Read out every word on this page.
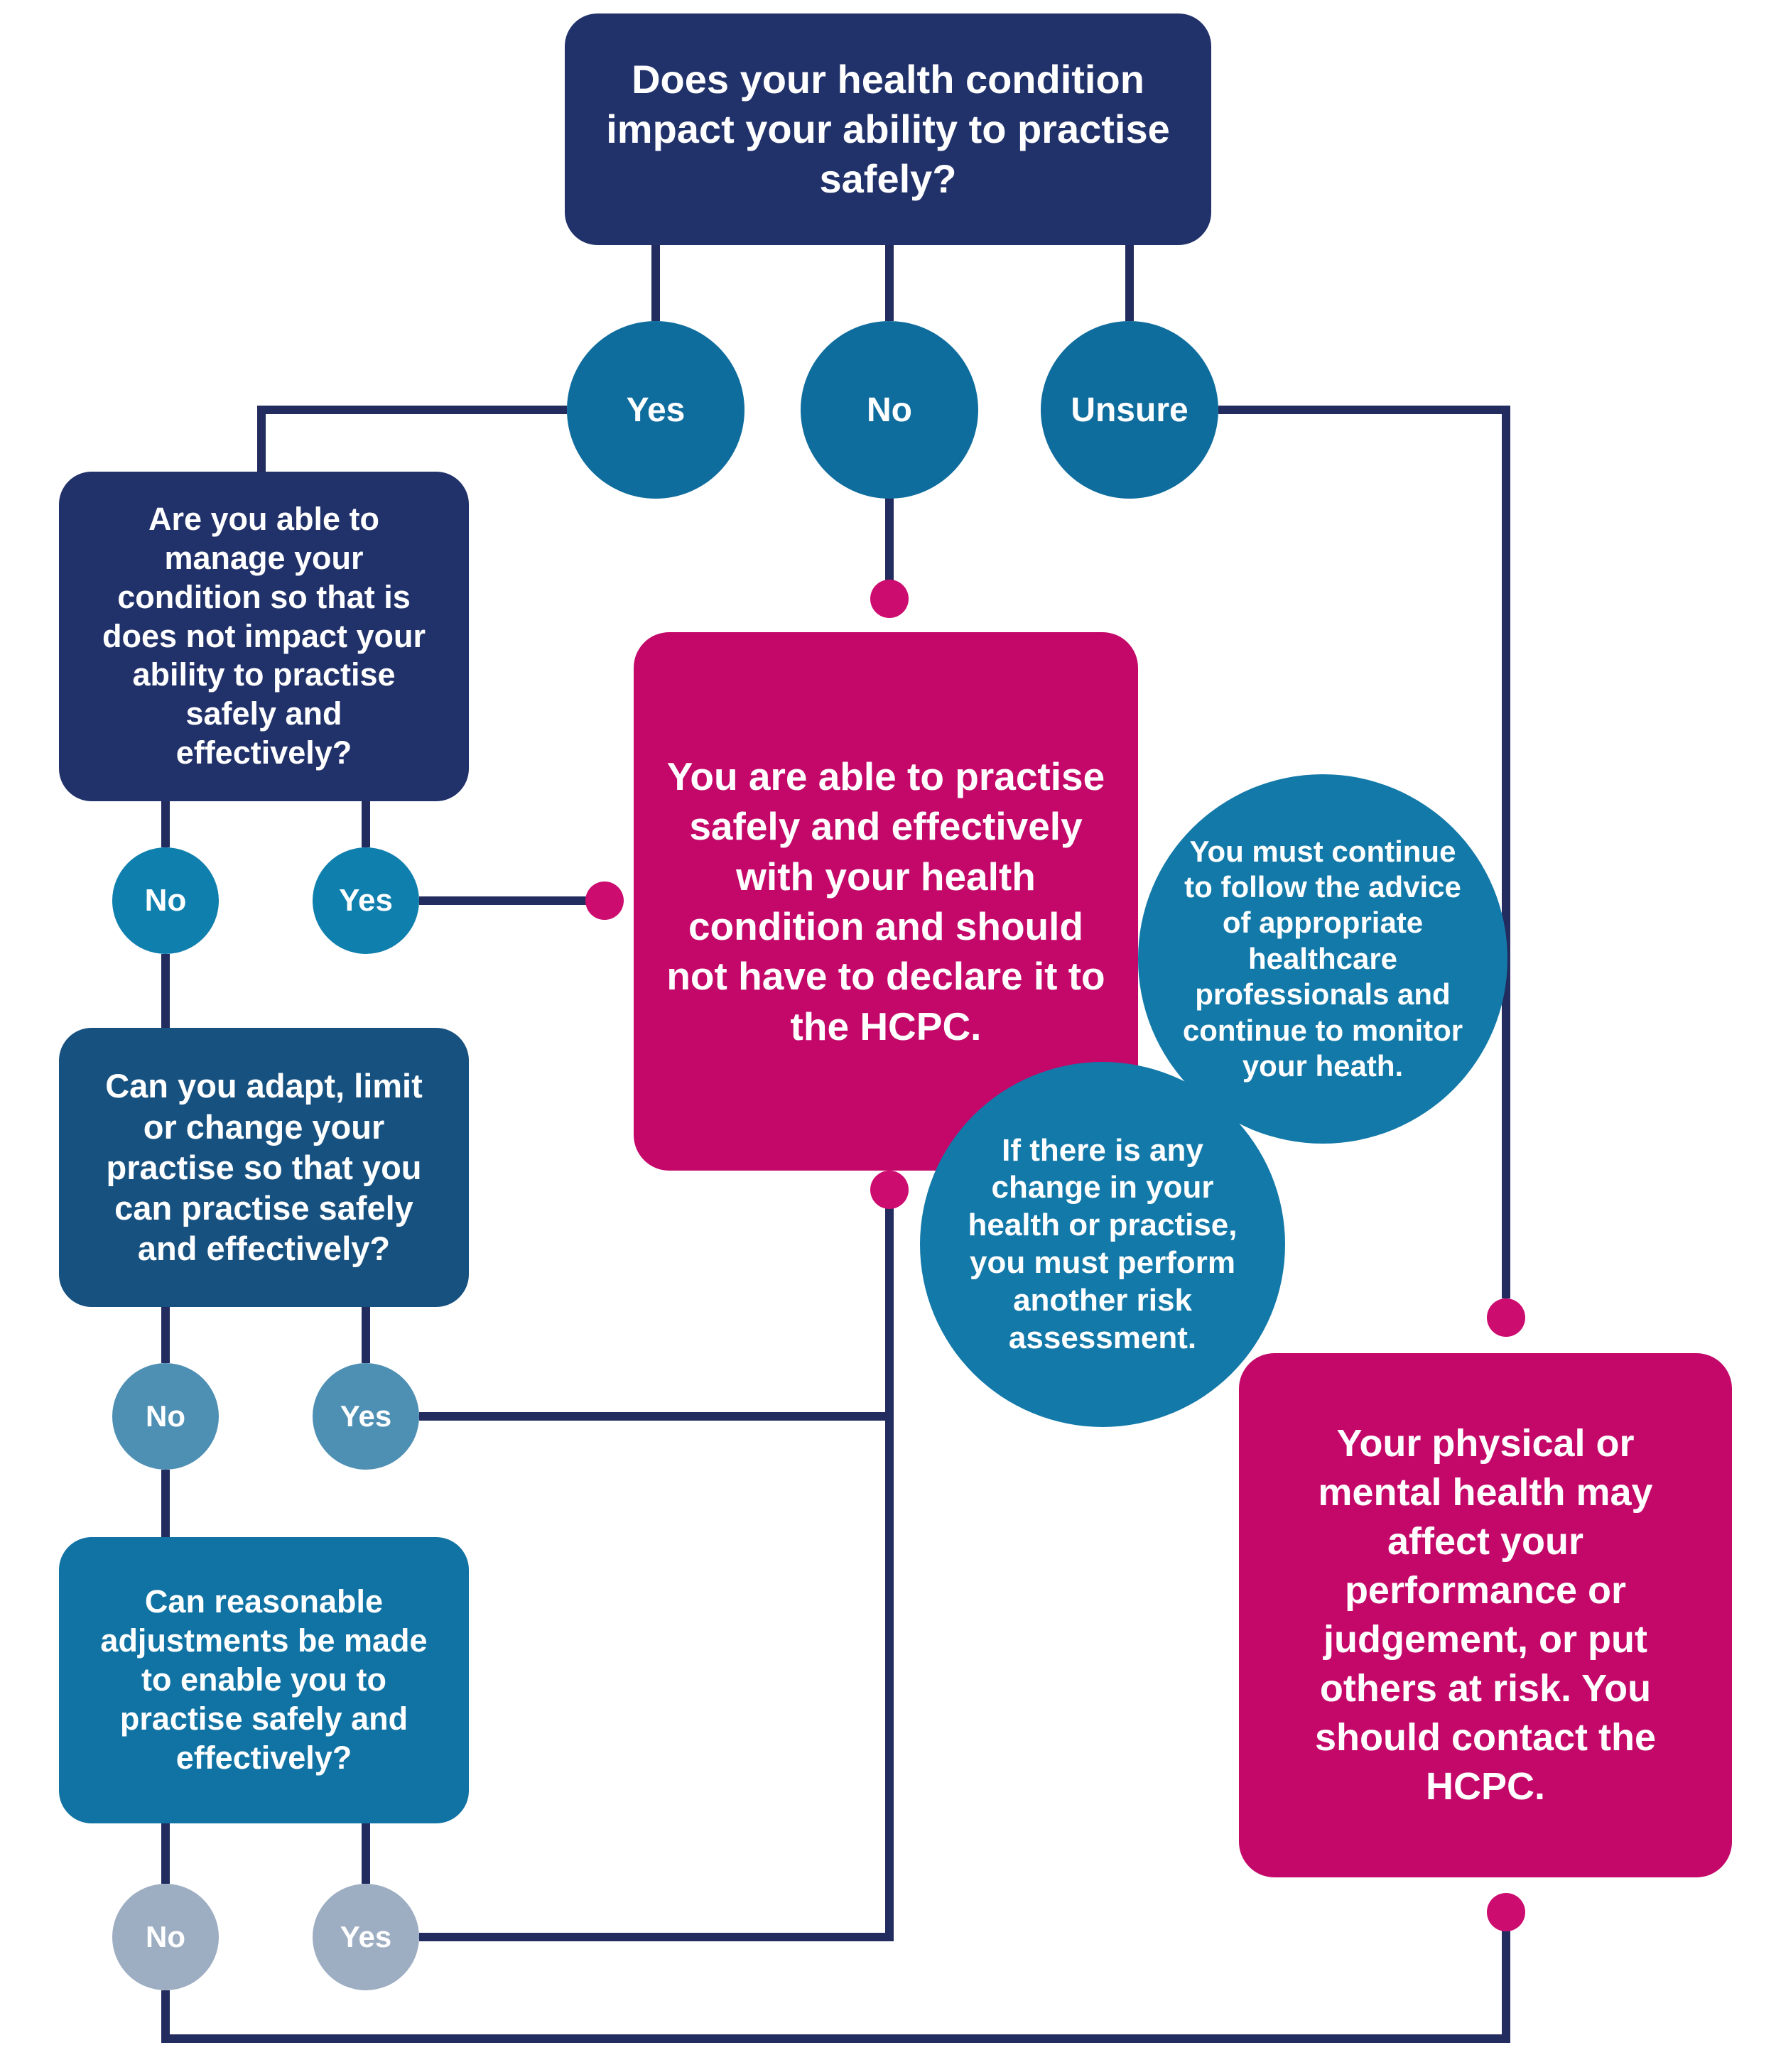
Does your health condition impact your ability to practise safely?
Yes	No	Unsure
Are you able to manage your condition so that is does not impact your ability to practise safely and effectively?
No	Yes
Can you adapt, limit or change your practise so that you can practise safely and effectively?
No	Yes
Can reasonable adjustments be made to enable you to practise safely and effectively?
No	Yes
You are able to practise safely and effectively with your health condition and should not have to declare it to the HCPC.
You must continue to follow the advice of appropriate healthcare professionals and continue to monitor your heath.
If there is any change in your health or practise, you must perform another risk assessment.
Your physical or mental health may affect your performance or judgement, or put others at risk. You should contact the HCPC.
